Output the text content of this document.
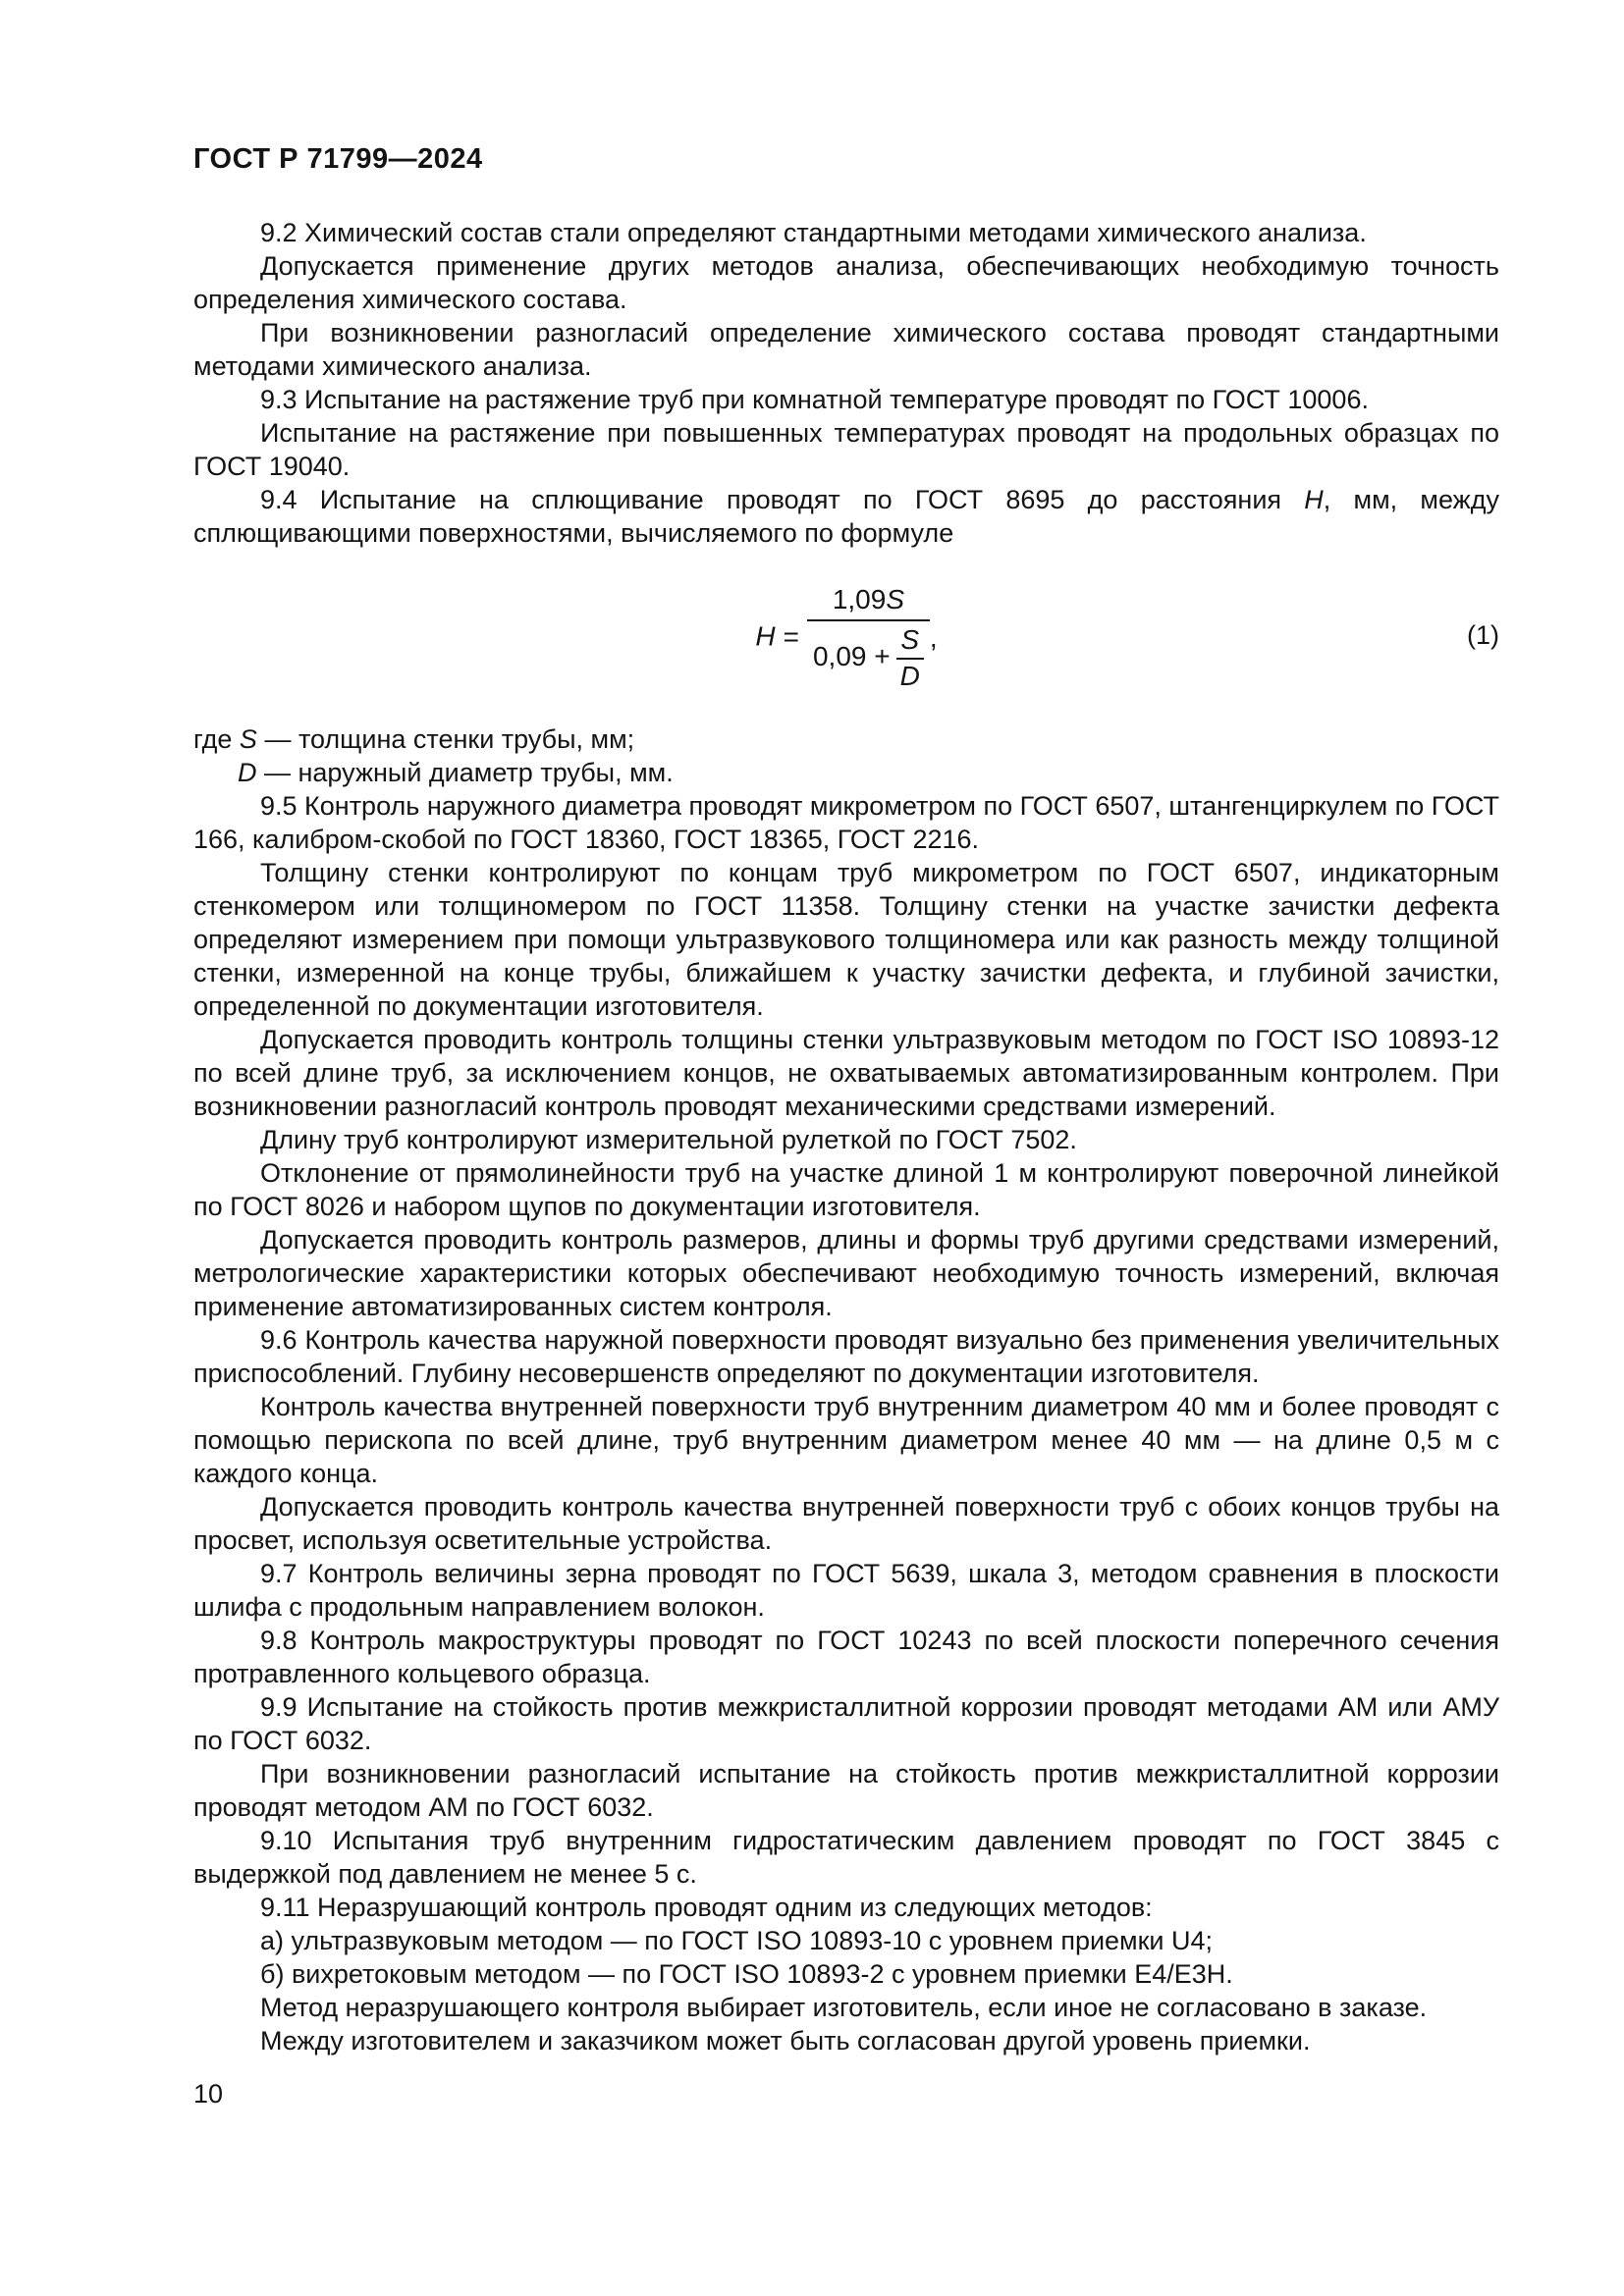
ГОСТ Р 71799—2024

9.2 Химический состав стали определяют стандартными методами химического анализа.

Допускается применение других методов анализа, обеспечивающих необходимую точность определения химического состава.

При возникновении разногласий определение химического состава проводят стандартными методами химического анализа.

9.3 Испытание на растяжение труб при комнатной температуре проводят по ГОСТ 10006.

Испытание на растяжение при повышенных температурах проводят на продольных образцах по ГОСТ 19040.

9.4 Испытание на сплющивание проводят по ГОСТ 8695 до расстояния H, мм, между сплющивающими поверхностями, вычисляемого по формуле

$H = \frac{1,09S}{0,09 + \frac{S}{D}}$ ,	(1)

где S — толщина стенки трубы, мм;

D — наружный диаметр трубы, мм.

9.5 Контроль наружного диаметра проводят микрометром по ГОСТ 6507, штангенциркулем по ГОСТ 166, калибром-скобой по ГОСТ 18360, ГОСТ 18365, ГОСТ 2216.

Толщину стенки контролируют по концам труб микрометром по ГОСТ 6507, индикаторным стенкомером или толщиномером по ГОСТ 11358. Толщину стенки на участке зачистки дефекта определяют измерением при помощи ультразвукового толщиномера или как разность между толщиной стенки, измеренной на конце трубы, ближайшем к участку зачистки дефекта, и глубиной зачистки, определенной по документации изготовителя.

Допускается проводить контроль толщины стенки ультразвуковым методом по ГОСТ ISO 10893-12 по всей длине труб, за исключением концов, не охватываемых автоматизированным контролем. При возникновении разногласий контроль проводят механическими средствами измерений.

Длину труб контролируют измерительной рулеткой по ГОСТ 7502.

Отклонение от прямолинейности труб на участке длиной 1 м контролируют поверочной линейкой по ГОСТ 8026 и набором щупов по документации изготовителя.

Допускается проводить контроль размеров, длины и формы труб другими средствами измерений, метрологические характеристики которых обеспечивают необходимую точность измерений, включая применение автоматизированных систем контроля.

9.6 Контроль качества наружной поверхности проводят визуально без применения увеличительных приспособлений. Глубину несовершенств определяют по документации изготовителя.

Контроль качества внутренней поверхности труб внутренним диаметром 40 мм и более проводят с помощью перископа по всей длине, труб внутренним диаметром менее 40 мм — на длине 0,5 м с каждого конца.

Допускается проводить контроль качества внутренней поверхности труб с обоих концов трубы на просвет, используя осветительные устройства.

9.7 Контроль величины зерна проводят по ГОСТ 5639, шкала 3, методом сравнения в плоскости шлифа с продольным направлением волокон.

9.8 Контроль макроструктуры проводят по ГОСТ 10243 по всей плоскости поперечного сечения протравленного кольцевого образца.

9.9 Испытание на стойкость против межкристаллитной коррозии проводят методами АМ или АМУ по ГОСТ 6032.

При возникновении разногласий испытание на стойкость против межкристаллитной коррозии проводят методом АМ по ГОСТ 6032.

9.10 Испытания труб внутренним гидростатическим давлением проводят по ГОСТ 3845 с выдержкой под давлением не менее 5 с.

9.11 Неразрушающий контроль проводят одним из следующих методов:

а) ультразвуковым методом — по ГОСТ ISO 10893-10 с уровнем приемки U4;

б) вихретоковым методом — по ГОСТ ISO 10893-2 с уровнем приемки Е4/Е3Н.

Метод неразрушающего контроля выбирает изготовитель, если иное не согласовано в заказе.

Между изготовителем и заказчиком может быть согласован другой уровень приемки.

10
